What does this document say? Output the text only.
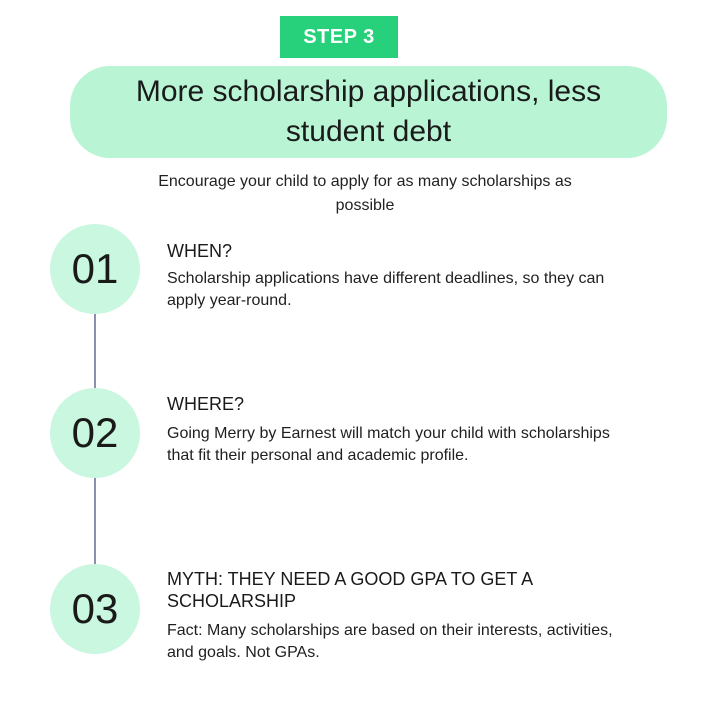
STEP 3
More scholarship applications, less student debt
Encourage your child to apply for as many scholarships as possible
01	WHEN?
Scholarship applications have different deadlines, so they can apply year-round.
02
WHERE?
Going Merry by Earnest will match your child with scholarships that fit their personal and academic profile.
03
MYTH: THEY NEED A GOOD GPA TO GET A SCHOLARSHIP
Fact: Many scholarships are based on their interests, activities, and goals. Not GPAs.
